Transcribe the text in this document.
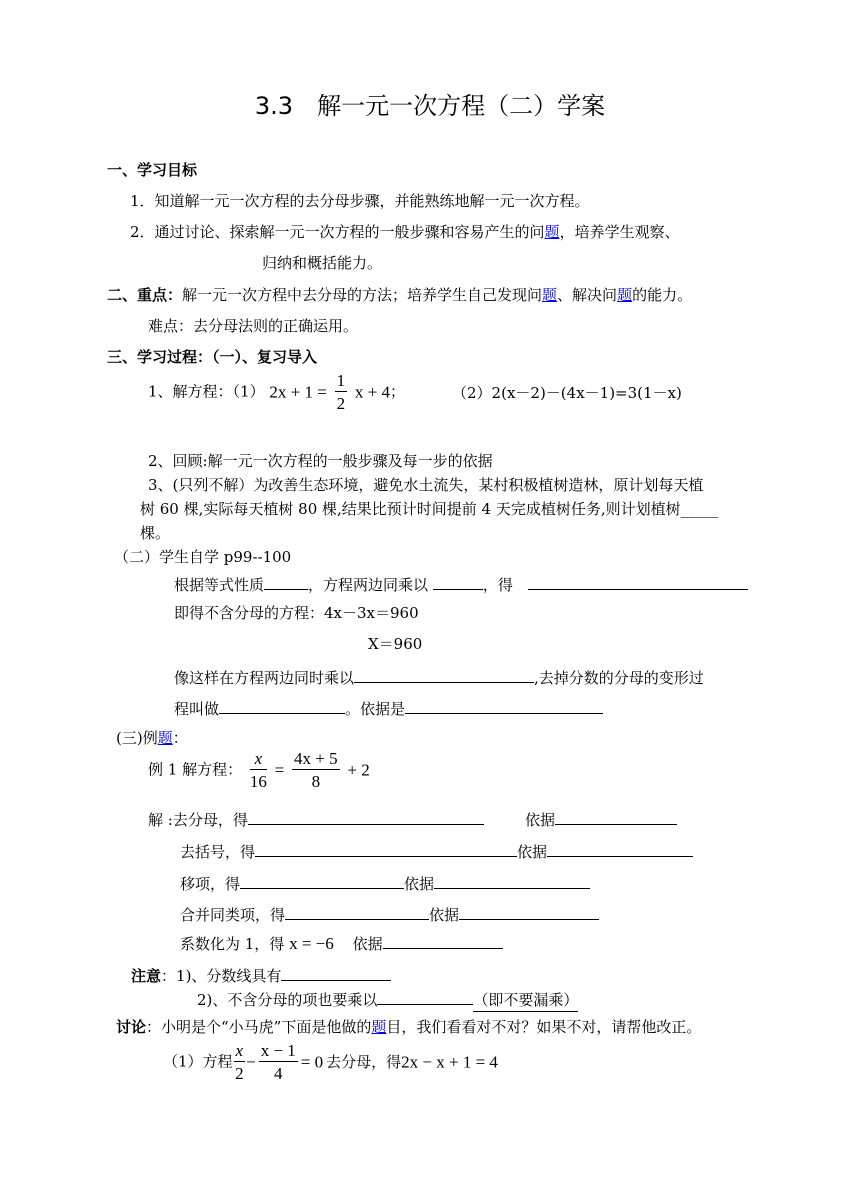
3.3　解一元一次方程（二）学案
一、学习目标
1．知道解一元一次方程的去分母步骤，并能熟练地解一元一次方程。
2．通过讨论、探索解一元一次方程的一般步骤和容易产生的问题，培养学生观察、
归纳和概括能力。
二、重点：解一元一次方程中去分母的方法；培养学生自己发现问题、解决问题的能力。
难点：去分母法则的正确运用。
三、学习过程：（一）、复习导入
1、解方程：（1） $2x + 1 = \frac{1}{2}$ x + 4；	（2）2(x－2)－(4x－1)=3(1－x)
2、回顾:解一元一次方程的一般步骤及每一步的依据
3、(只列不解）为改善生态环境，避免水土流失，某村积极植树造林，原计划每天植
树 60 棵,实际每天植树 80 棵,结果比预计时间提前 4 天完成植树任务,则计划植树_____
棵。
（二）学生自学 p99--100
根据等式性质	，方程两边同乘以	，得
即得不含分母的方程：4x－3x＝960
X＝960
像这样在方程两边同时乘以	,去掉分数的分母的变形过
程叫做	。依据是
(三)例题：
例 1 解方程： $\frac{x}{16} = \frac{4x + 5}{8} + 2$
解 :去分母，得	依据
去括号，得	依据
移项，得	依据
合并同类项，得	依据
系数化为 1，得 x = −6 依据
注意：1)、分数线具有
2)、不含分母的项也要乘以	（即不要漏乘）
讨论：小明是个“小马虎”下面是他做的题目，我们看看对不对？如果不对，请帮他改正。
（1）方程 $\frac{x}{2} - \frac{x - 1}{4} = 0$ 去分母，得2x − x + 1 = 4
